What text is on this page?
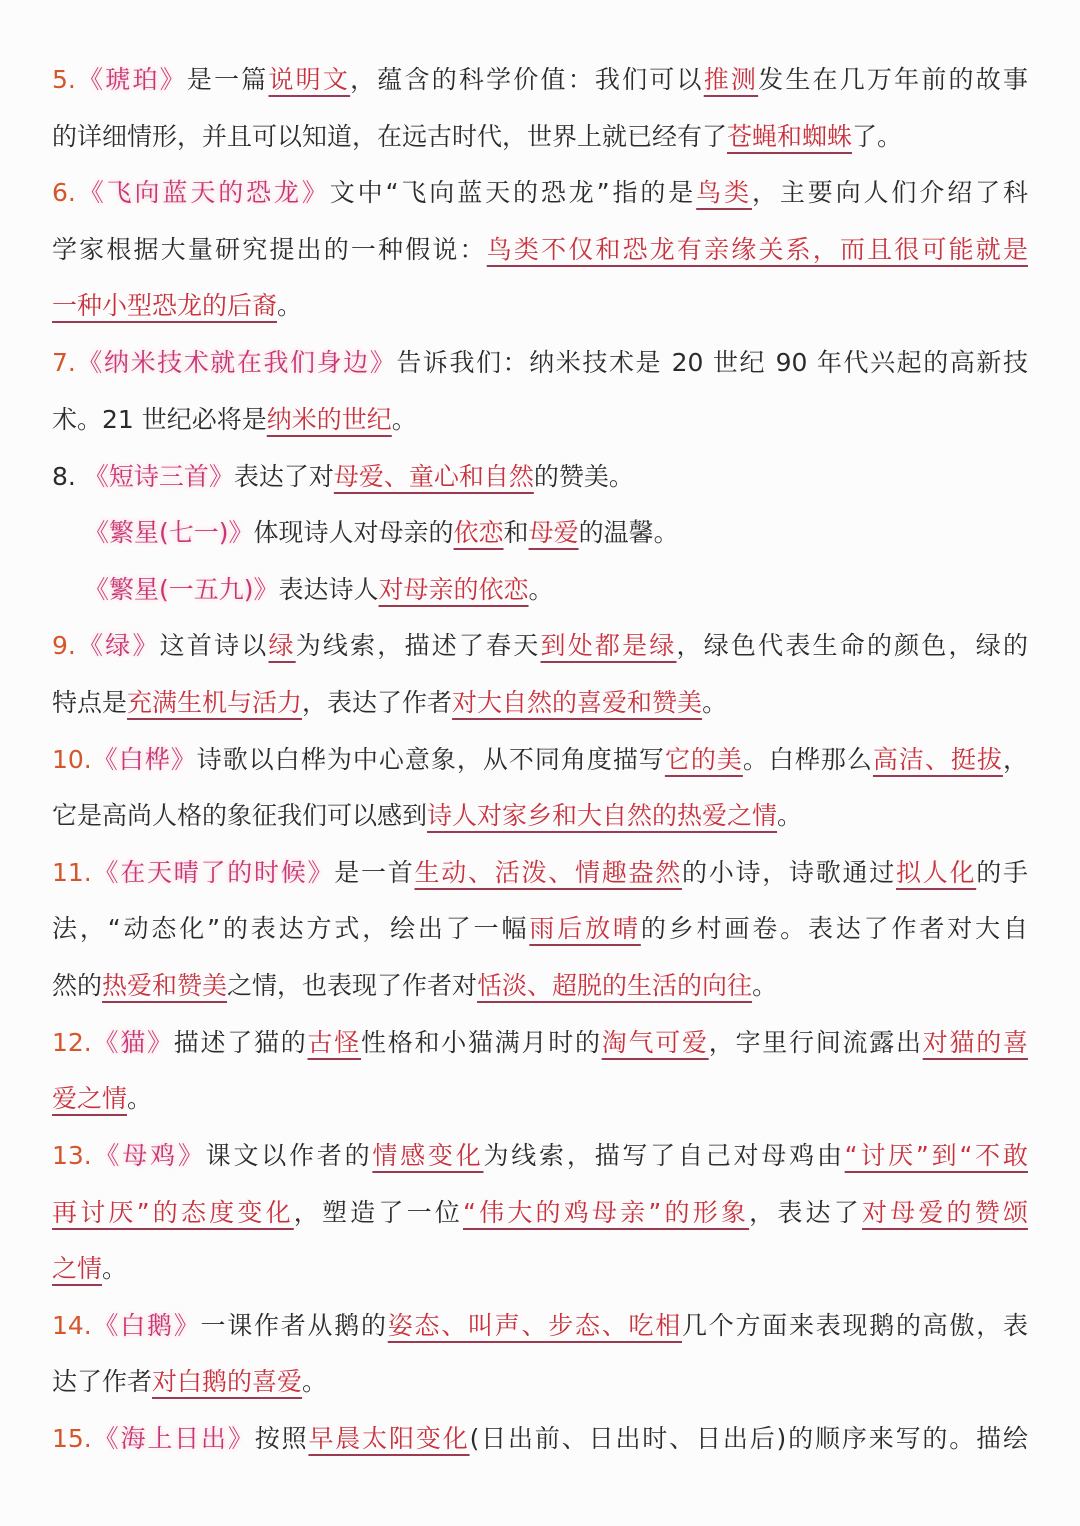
5.《琥珀》是一篇说明文，蕴含的科学价值：我们可以推测发生在几万年前的故事
的详细情形，并且可以知道，在远古时代，世界上就已经有了苍蝇和蜘蛛了。
6.《飞向蓝天的恐龙》文中“飞向蓝天的恐龙”指的是鸟类，主要向人们介绍了科
学家根据大量研究提出的一种假说：鸟类不仅和恐龙有亲缘关系，而且很可能就是
一种小型恐龙的后裔。
7.《纳米技术就在我们身边》告诉我们：纳米技术是 20 世纪 90 年代兴起的高新技
术。21 世纪必将是纳米的世纪。
8. 《短诗三首》表达了对母爱、童心和自然的赞美。
《繁星(七一)》体现诗人对母亲的依恋和母爱的温馨。
《繁星(一五九)》表达诗人对母亲的依恋。
9.《绿》这首诗以绿为线索，描述了春天到处都是绿，绿色代表生命的颜色，绿的
特点是充满生机与活力，表达了作者对大自然的喜爱和赞美。
10.《白桦》诗歌以白桦为中心意象，从不同角度描写它的美。白桦那么高洁、挺拔，
它是高尚人格的象征我们可以感到诗人对家乡和大自然的热爱之情。
11.《在天晴了的时候》是一首生动、活泼、情趣盎然的小诗，诗歌通过拟人化的手
法，“动态化”的表达方式，绘出了一幅雨后放晴的乡村画卷。表达了作者对大自
然的热爱和赞美之情，也表现了作者对恬淡、超脱的生活的向往。
12.《猫》描述了猫的古怪性格和小猫满月时的淘气可爱，字里行间流露出对猫的喜
爱之情。
13.《母鸡》课文以作者的情感变化为线索，描写了自己对母鸡由“讨厌”到“不敢
再讨厌”的态度变化，塑造了一位“伟大的鸡母亲”的形象，表达了对母爱的赞颂
之情。
14.《白鹅》一课作者从鹅的姿态、叫声、步态、吃相几个方面来表现鹅的高傲，表
达了作者对白鹅的喜爱。
15.《海上日出》按照早晨太阳变化(日出前、日出时、日出后)的顺序来写的。描绘
